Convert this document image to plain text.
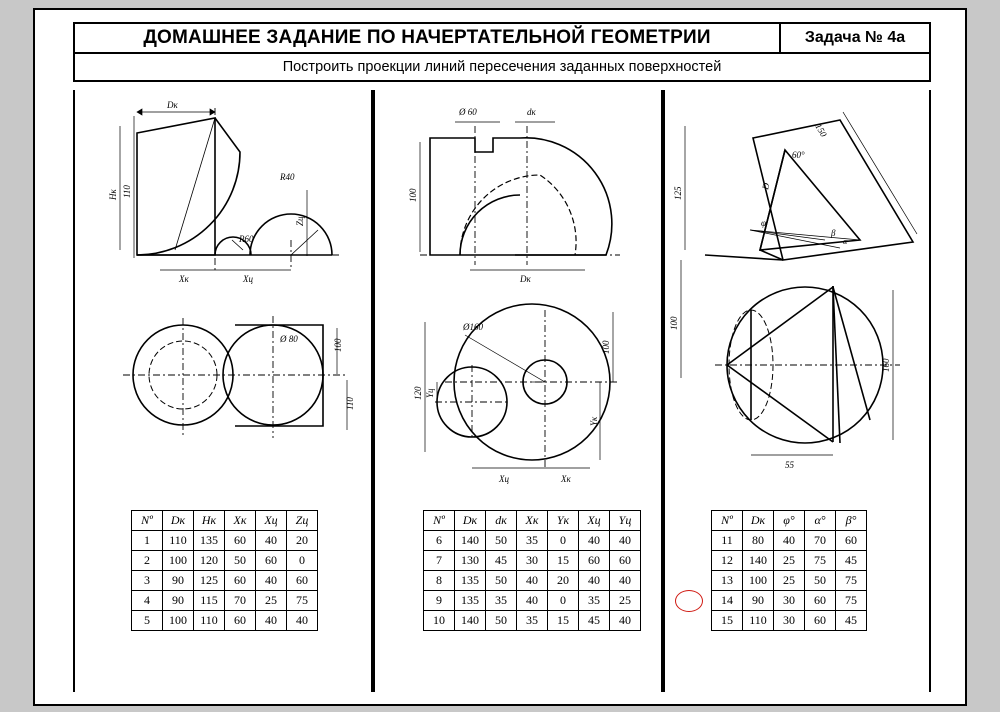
ДОМАШНЕЕ ЗАДАНИЕ ПО НАЧЕРТАТЕЛЬНОЙ ГЕОМЕТРИИ	Задача № 4а
Построить проекции линий пересечения заданных поверхностей
Dк
Hк 110
R40
R60
Zц
Xк	Xц
Ø 80	100
110
Nº	Dк	Hк	Xк	Xц	Zц
1	110	135	60	40	20
2	100	120	50	60	0
3	90	125	60	40	60
4	90	115	70	25	75
5	100	110	60	40	40
Ø 60	dк
100
Dк
Ø160
120
100
Yц
Yк
Xц	Xк
Nº	Dк	dк	Xк	Yк	Xц	Yц
6	140	50	35	0	40	40
7	130	45	30	15	60	60
8	135	50	40	20	40	40
9	135	35	40	0	35	25
10	140	50	35	15	45	40
150
60°
D
125
φ
β
α
100
160
55
Nº	Dк	φ°	α°	β°
11	80	40	70	60
12	140	25	75	45
13	100	25	50	75
14	90	30	60	75
15	110	30	60	45
